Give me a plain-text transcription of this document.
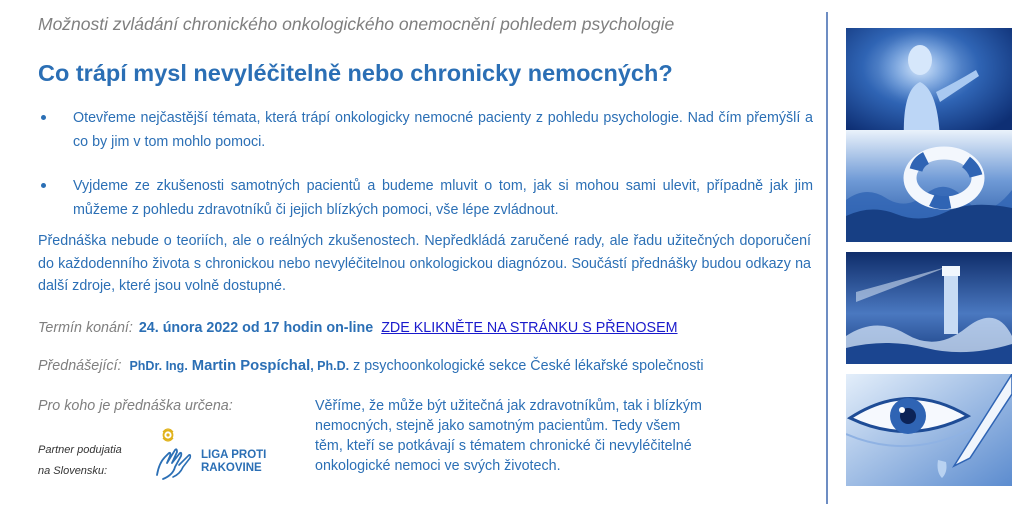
Možnosti zvládání chronického onkologického onemocnění pohledem psychologie
Co trápí mysl nevyléčitelně nebo chronicky nemocných?
Otevřeme nejčastější témata, která trápí onkologicky nemocné pacienty z pohledu psychologie. Nad čím přemýšlí a co by jim v tom mohlo pomoci.
Vyjdeme ze zkušenosti samotných pacientů a budeme mluvit o tom, jak si mohou sami ulevit, případně jak jim můžeme z pohledu zdravotníků či jejich blízkých pomoci, vše lépe zvládnout.
Přednáška nebude o teoriích, ale o reálných zkušenostech. Nepředkládá zaručené rady, ale řadu užitečných doporučení do každodenního života s chronickou nebo nevyléčitelnou onkologickou diagnózou. Součástí přednášky budou odkazy na další zdroje, které jsou volně dostupné.
Termín konání: 24. února 2022 od 17 hodin on-line ZDE KLIKNĚTE NA STRÁNKU S PŘENOSEM
Přednášející: PhDr. Ing. Martin Pospíchal, Ph.D. z psychoonkologické sekce České lékařské společnosti
Pro koho je přednáška určena:	Věříme, že může být užitečná jak zdravotníkům, tak i blízkým
nemocných, stejně jako samotným pacientům. Tedy všem
těm, kteří se potkávají s tématem chronické či nevyléčitelné
onkologické nemoci ve svých životech.
Partner podujatia
na Slovensku:
LIGA PROTI
RAKOVINE
